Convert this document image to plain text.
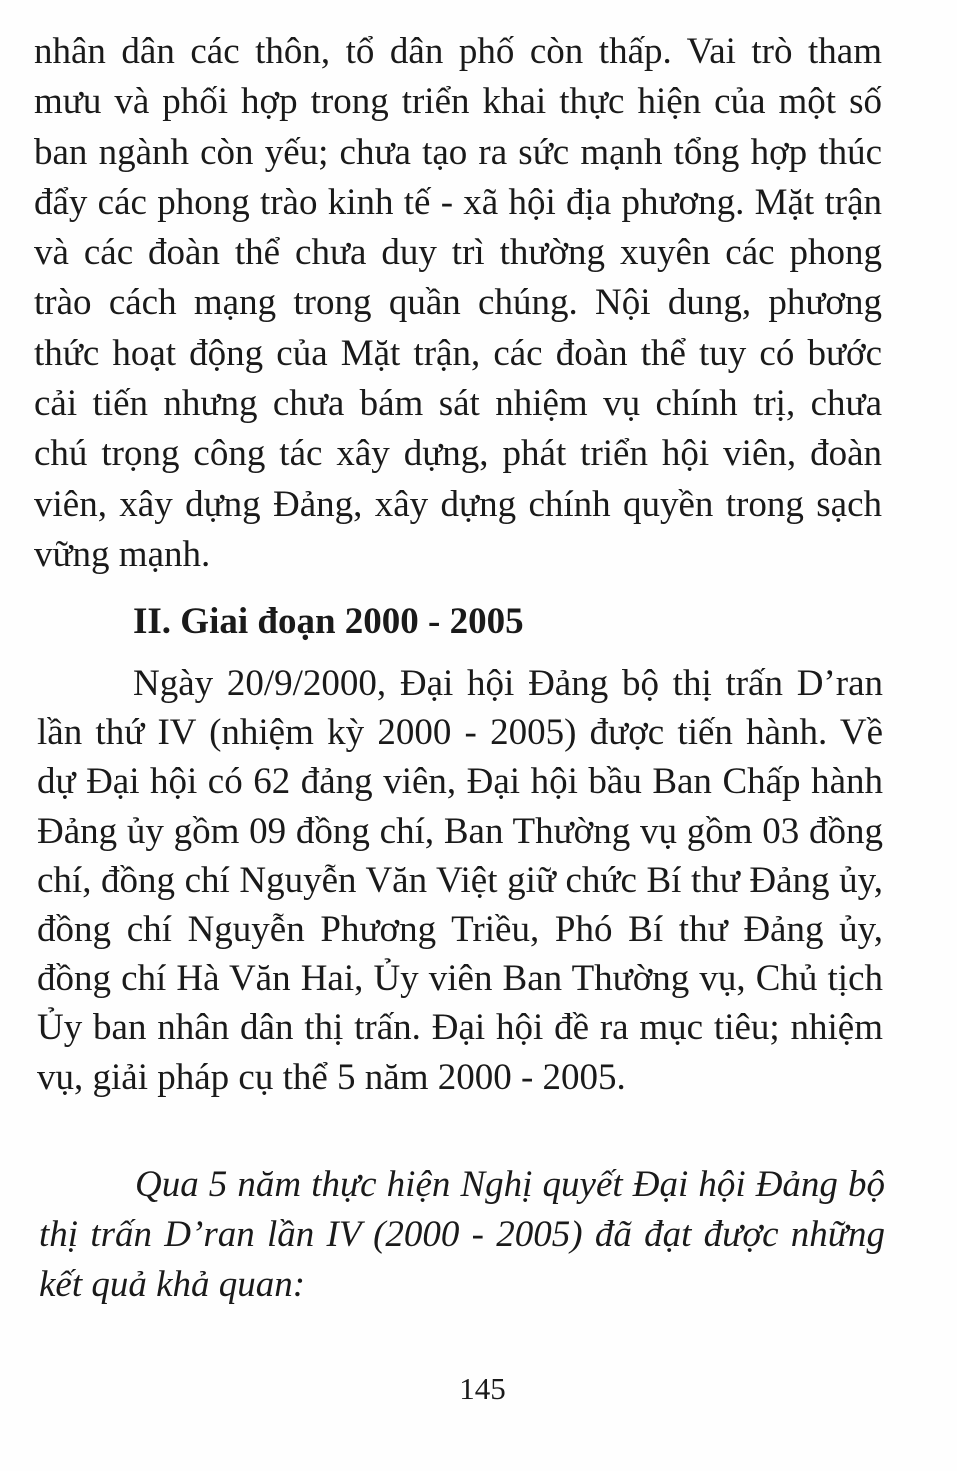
nhân dân các thôn, tổ dân phố còn thấp. Vai trò tham mưu và phối hợp trong triển khai thực hiện của một số ban ngành còn yếu; chưa tạo ra sức mạnh tổng hợp thúc đẩy các phong trào kinh tế - xã hội địa phương. Mặt trận và các đoàn thể chưa duy trì thường xuyên các phong trào cách mạng trong quần chúng. Nội dung, phương thức hoạt động của Mặt trận, các đoàn thể tuy có bước cải tiến nhưng chưa bám sát nhiệm vụ chính trị, chưa chú trọng công tác xây dựng, phát triển hội viên, đoàn viên, xây dựng Đảng, xây dựng chính quyền trong sạch vững mạnh.

II. Giai đoạn 2000 - 2005

Ngày 20/9/2000, Đại hội Đảng bộ thị trấn D’ran lần thứ IV (nhiệm kỳ 2000 - 2005) được tiến hành. Về dự Đại hội có 62 đảng viên, Đại hội bầu Ban Chấp hành Đảng ủy gồm 09 đồng chí, Ban Thường vụ gồm 03 đồng chí, đồng chí Nguyễn Văn Việt giữ chức Bí thư Đảng ủy, đồng chí Nguyễn Phương Triều, Phó Bí thư Đảng ủy, đồng chí Hà Văn Hai, Ủy viên Ban Thường vụ, Chủ tịch Ủy ban nhân dân thị trấn. Đại hội đề ra mục tiêu; nhiệm vụ, giải pháp cụ thể 5 năm 2000 - 2005.

Qua 5 năm thực hiện Nghị quyết Đại hội Đảng bộ thị trấn D’ran lần IV (2000 - 2005) đã đạt được những kết quả khả quan:

145
